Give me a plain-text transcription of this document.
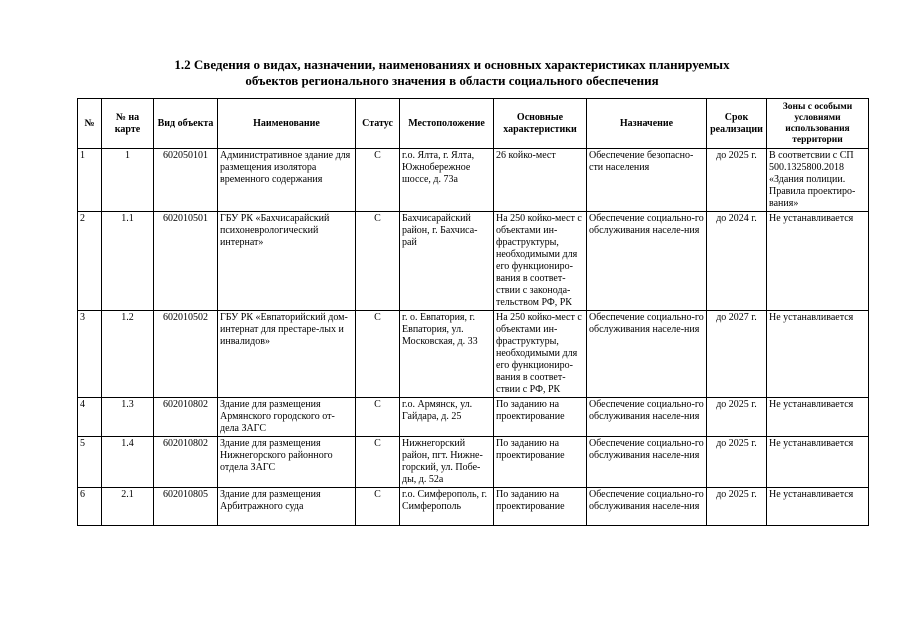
1.2 Сведения о видах, назначении, наименованиях и основных характеристиках планируемых
объектов регионального значения в области социального обеспечения
№	№ на карте	Вид объекта	Наименование	Статус	Местоположение	Основные характеристики	Назначение	Срок реализации	Зоны с особыми условиями использования территории
1	1	602050101	Административное здание для размещения изолятора временного содержания	С	г.о. Ялта, г. Ялта, Южнобережное шоссе, д. 73а	26 койко-мест	Обеспечение безопасно-сти населения	до 2025 г.	В соответсвии с СП 500.1325800.2018 «Здания полиции. Правила проектиро-вания»
2	1.1	602010501	ГБУ РК «Бахчисарайский психоневрологический интернат»	С	Бахчисарайский район, г. Бахчиса-рай	На 250 койко-мест с объектами ин-фраструктуры, необходимыми для его функциониро-вания в соответ-ствии с законода-тельством РФ, РК	Обеспечение социально-го обслуживания населе-ния	до 2024 г.	Не устанавливается
3	1.2	602010502	ГБУ РК «Евпаторийский дом-интернат для престаре-лых и инвалидов»	С	г. о. Евпатория, г. Евпатория, ул. Московская, д. 33	На 250 койко-мест с объектами ин-фраструктуры, необходимыми для его функциониро-вания в соответ-ствии с РФ, РК	Обеспечение социально-го обслуживания населе-ния	до 2027 г.	Не устанавливается
4	1.3	602010802	Здание для размещения Армянского городского от-дела ЗАГС	С	г.о. Армянск, ул. Гайдара, д. 25	По заданию на проектирование	Обеспечение социально-го обслуживания населе-ния	до 2025 г.	Не устанавливается
5	1.4	602010802	Здание для размещения Нижнегорского районного отдела ЗАГС	С	Нижнегорский район, пгт. Нижне-горский, ул. Побе-ды, д. 52а	По заданию на проектирование	Обеспечение социально-го обслуживания населе-ния	до 2025 г.	Не устанавливается
6	2.1	602010805	Здание для размещения Арбитражного суда	С	г.о. Симферополь, г. Симферополь	По заданию на проектирование	Обеспечение социально-го обслуживания населе-ния	до 2025 г.	Не устанавливается
